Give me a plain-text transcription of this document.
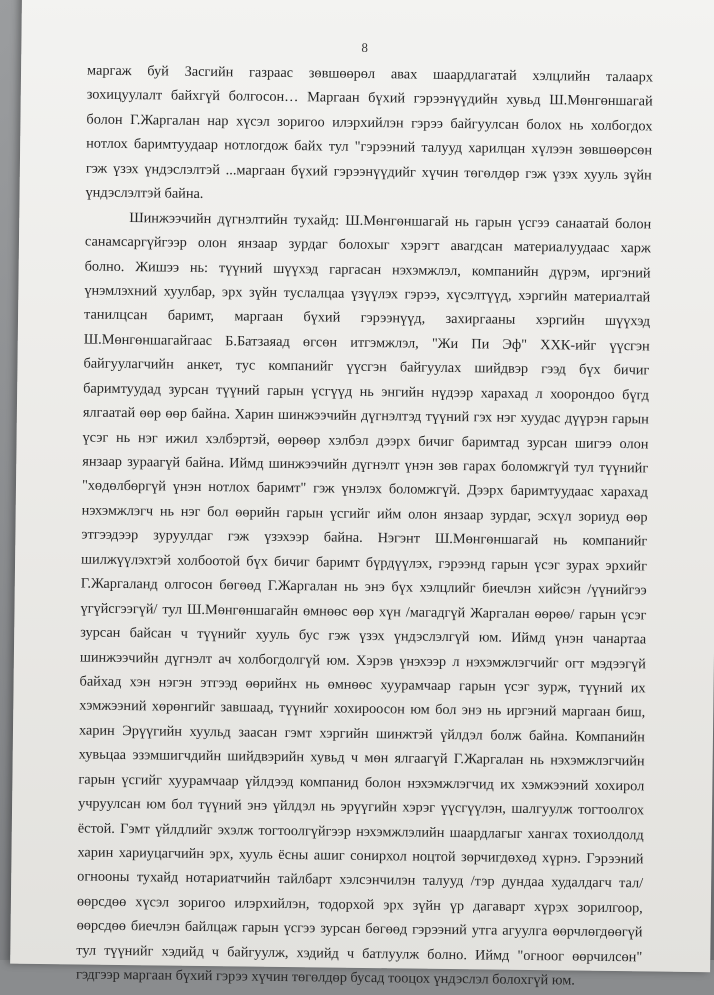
8
маргаж буй Засгийн газраас зөвшөөрөл авах шаардлагатай хэлцлийн талаарх
зохицуулалт байхгүй болгосон… Маргаан бүхий гэрээнүүдийн хувьд Ш.Мөнгөншагай
болон Г.Жаргалан нар хүсэл зоригоо илэрхийлэн гэрээ байгуулсан болох нь холбогдох
нотлох баримтуудаар нотлогдож байх тул "гэрээний талууд харилцан хүлээн зөвшөөрсөн
гэж үзэх үндэслэлтэй ...маргаан бүхий гэрээнүүдийг хүчин төгөлдөр гэж үзэх хууль зүйн
үндэслэлтэй байна.
Шинжээчийн дүгнэлтийн тухайд: Ш.Мөнгөншагай нь гарын үсгээ санаатай болон
санамсаргүйгээр олон янзаар зурдаг болохыг хэрэгт авагдсан материалуудаас харж
болно. Жишээ нь: түүний шүүхэд гаргасан нэхэмжлэл, компанийн дүрэм, иргэний
үнэмлэхний хуулбар, эрх зүйн туслалцаа үзүүлэх гэрээ, хүсэлтүүд, хэргийн материалтай
танилцсан баримт, маргаан бүхий гэрээнүүд, захиргааны хэргийн шүүхэд
Ш.Мөнгөншагайгаас Б.Батзаяад өгсөн итгэмжлэл, "Жи Пи Эф" ХХК-ийг үүсгэн
байгуулагчийн анкет, тус компанийг үүсгэн байгуулах шийдвэр гээд бүх бичиг
баримтуудад зурсан түүний гарын үсгүүд нь энгийн нүдээр харахад л хоорондоо бүгд
ялгаатай өөр өөр байна. Харин шинжээчийн дүгнэлтэд түүний гэх нэг хуудас дүүрэн гарын
үсэг нь нэг ижил хэлбэртэй, өөрөөр хэлбэл дээрх бичиг баримтад зурсан шигээ олон
янзаар зураагүй байна. Иймд шинжээчийн дүгнэлт үнэн зөв гарах боломжгүй тул түүнийг
"хөдөлбөргүй үнэн нотлох баримт" гэж үнэлэх боломжгүй. Дээрх баримтуудаас харахад
нэхэмжлэгч нь нэг бол өөрийн гарын үсгийг ийм олон янзаар зурдаг, эсхүл зориуд өөр
этгээдээр зуруулдаг гэж үзэхээр байна. Нэгэнт Ш.Мөнгөншагай нь компанийг
шилжүүлэхтэй холбоотой бүх бичиг баримт бүрдүүлэх, гэрээнд гарын үсэг зурах эрхийг
Г.Жаргаланд олгосон бөгөөд Г.Жаргалан нь энэ бүх хэлцлийг биечлэн хийсэн /үүнийгээ
үгүйсгээгүй/ тул Ш.Мөнгөншагайн өмнөөс өөр хүн /магадгүй Жаргалан өөрөө/ гарын үсэг
зурсан байсан ч түүнийг хууль бус гэж үзэх үндэслэлгүй юм. Иймд үнэн чанартаа
шинжээчийн дүгнэлт ач холбогдолгүй юм. Хэрэв үнэхээр л нэхэмжлэгчийг огт мэдээгүй
байхад хэн нэгэн этгээд өөрийнх нь өмнөөс хуурамчаар гарын үсэг зурж, түүний их
хэмжээний хөрөнгийг завшаад, түүнийг хохироосон юм бол энэ нь иргэний маргаан биш,
харин Эрүүгийн хуульд заасан гэмт хэргийн шинжтэй үйлдэл болж байна. Компанийн
хувьцаа эзэмшигчдийн шийдвэрийн хувьд ч мөн ялгаагүй Г.Жаргалан нь нэхэмжлэгчийн
гарын үсгийг хуурамчаар үйлдээд компанид болон нэхэмжлэгчид их хэмжээний хохирол
учруулсан юм бол түүний энэ үйлдэл нь эрүүгийн хэрэг үүсгүүлэн, шалгуулж тогтоолгох
ёстой. Гэмт үйлдлийг эхэлж тогтоолгүйгээр нэхэмжлэлийн шаардлагыг хангах тохиолдолд
харин хариуцагчийн эрх, хууль ёсны ашиг сонирхол ноцтой зөрчигдөхөд хүрнэ. Гэрээний
огнооны тухайд нотариатчийн тайлбарт хэлсэнчилэн талууд /тэр дундаа худалдагч тал/
өөрсдөө хүсэл зоригоо илэрхийлэн, тодорхой эрх зүйн үр дагаварт хүрэх зорилгоор,
өөрсдөө биечлэн байлцаж гарын үсгээ зурсан бөгөөд гэрээний утга агуулга өөрчлөгдөөгүй
тул түүнийг хэдийд ч байгуулж, хэдийд ч батлуулж болно. Иймд "огноог өөрчилсөн"
гэдгээр маргаан бүхий гэрээ хүчин төгөлдөр бусад тооцох үндэслэл болохгүй юм.
